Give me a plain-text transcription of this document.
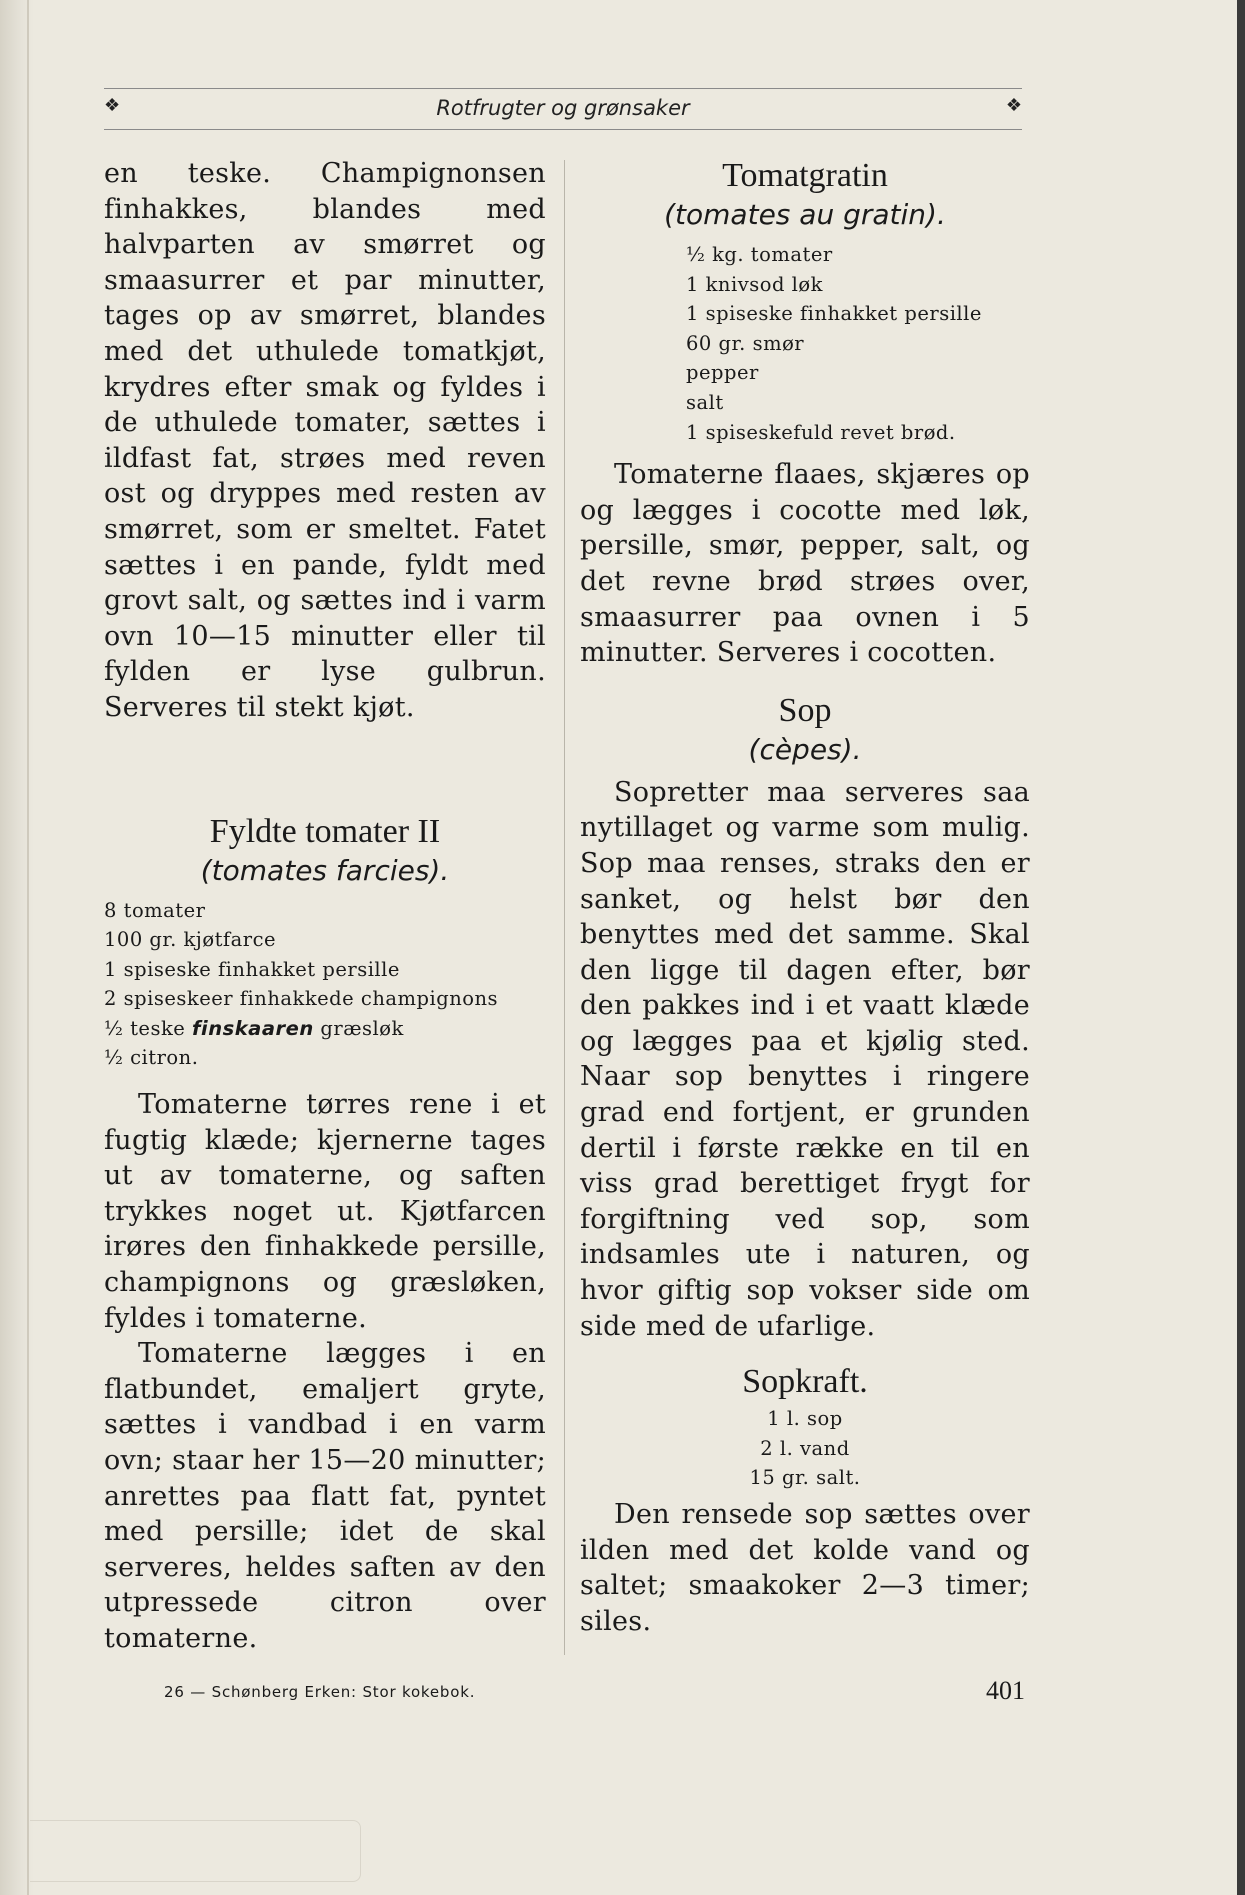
❖	Rotfrugter og grønsaker	❖

en teske. Champignonsen finhakkes, blandes med halvparten av smørret og smaasurrer et par minutter, tages op av smørret, blandes med det uthulede tomatkjøt, krydres efter smak og fyldes i de uthulede tomater, sættes i ildfast fat, strøes med reven ost og dryppes med resten av smørret, som er smeltet. Fatet sættes i en pande, fyldt med grovt salt, og sættes ind i varm ovn 10—15 minutter eller til fylden er lyse gulbrun. Serveres til stekt kjøt.

Fyldte tomater II
(tomates farcies).
8 tomater
100 gr. kjøtfarce
1 spiseske finhakket persille
2 spiseskeer finhakkede champignons
½ teske finskaaren græsløk
½ citron.

Tomaterne tørres rene i et fugtig klæde; kjernerne tages ut av tomaterne, og saften trykkes noget ut. Kjøtfarcen irøres den finhakkede persille, champignons og græsløken, fyldes i tomaterne.

Tomaterne lægges i en flatbundet, emaljert gryte, sættes i vandbad i en varm ovn; staar her 15—20 minutter; anrettes paa flatt fat, pyntet med persille; idet de skal serveres, heldes saften av den utpressede citron over tomaterne.

Tomatgratin
(tomates au gratin).
½ kg. tomater
1 knivsod løk
1 spiseske finhakket persille
60 gr. smør
pepper
salt
1 spiseskefuld revet brød.

Tomaterne flaaes, skjæres op og lægges i cocotte med løk, persille, smør, pepper, salt, og det revne brød strøes over, smaasurrer paa ovnen i 5 minutter. Serveres i cocotten.

Sop
(cèpes).

Sopretter maa serveres saa nytillaget og varme som mulig. Sop maa renses, straks den er sanket, og helst bør den benyttes med det samme. Skal den ligge til dagen efter, bør den pakkes ind i et vaatt klæde og lægges paa et kjølig sted. Naar sop benyttes i ringere grad end fortjent, er grunden dertil i første række en til en viss grad berettiget frygt for forgiftning ved sop, som indsamles ute i naturen, og hvor giftig sop vokser side om side med de ufarlige.

Sopkraft.
1 l. sop
2 l. vand
15 gr. salt.

Den rensede sop sættes over ilden med det kolde vand og saltet; smaakoker 2—3 timer; siles.

26 — Schønberg Erken: Stor kokebok.	401
